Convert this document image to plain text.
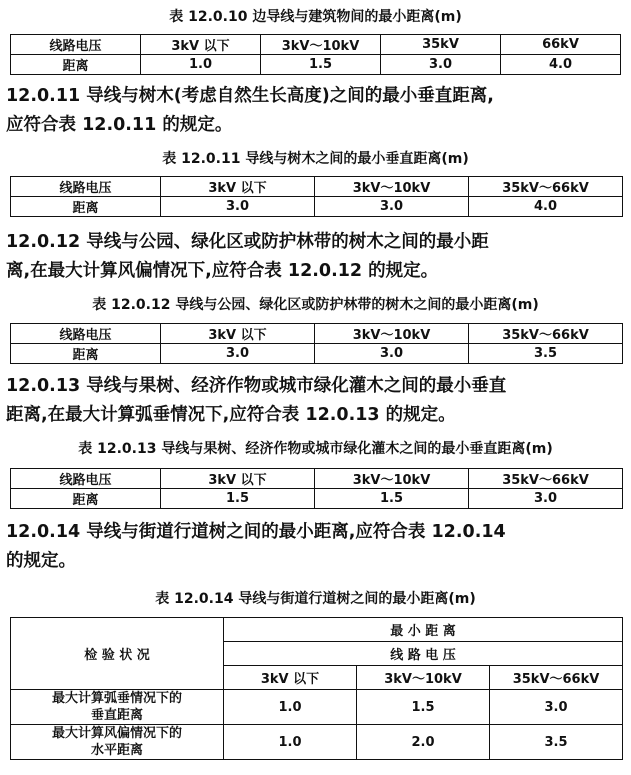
表 12.0.10 边导线与建筑物间的最小距离(m)
线路电压	3kV 以下	3kV～10kV	35kV	66kV
距离	1.0	1.5	3.0	4.0
12.0.11 导线与树木(考虑自然生长高度)之间的最小垂直距离,
应符合表 12.0.11 的规定。
表 12.0.11 导线与树木之间的最小垂直距离(m)
线路电压	3kV 以下	3kV～10kV	35kV～66kV
距离	3.0	3.0	4.0
12.0.12 导线与公园、绿化区或防护林带的树木之间的最小距
离,在最大计算风偏情况下,应符合表 12.0.12 的规定。
表 12.0.12 导线与公园、绿化区或防护林带的树木之间的最小距离(m)
线路电压	3kV 以下	3kV～10kV	35kV～66kV
距离	3.0	3.0	3.5
12.0.13 导线与果树、经济作物或城市绿化灌木之间的最小垂直
距离,在最大计算弧垂情况下,应符合表 12.0.13 的规定。
表 12.0.13 导线与果树、经济作物或城市绿化灌木之间的最小垂直距离(m)
线路电压	3kV 以下	3kV～10kV	35kV～66kV
距离	1.5	1.5	3.0
12.0.14 导线与街道行道树之间的最小距离,应符合表 12.0.14
的规定。
表 12.0.14 导线与街道行道树之间的最小距离(m)
检 验 状 况	最 小 距 离		
	线 路 电 压		
	3kV 以下	3kV～10kV	35kV～66kV

最大计算弧垂情况下的
垂直距离	1.0	1.5	3.0

最大计算风偏情况下的
水平距离	1.0	2.0	3.5
